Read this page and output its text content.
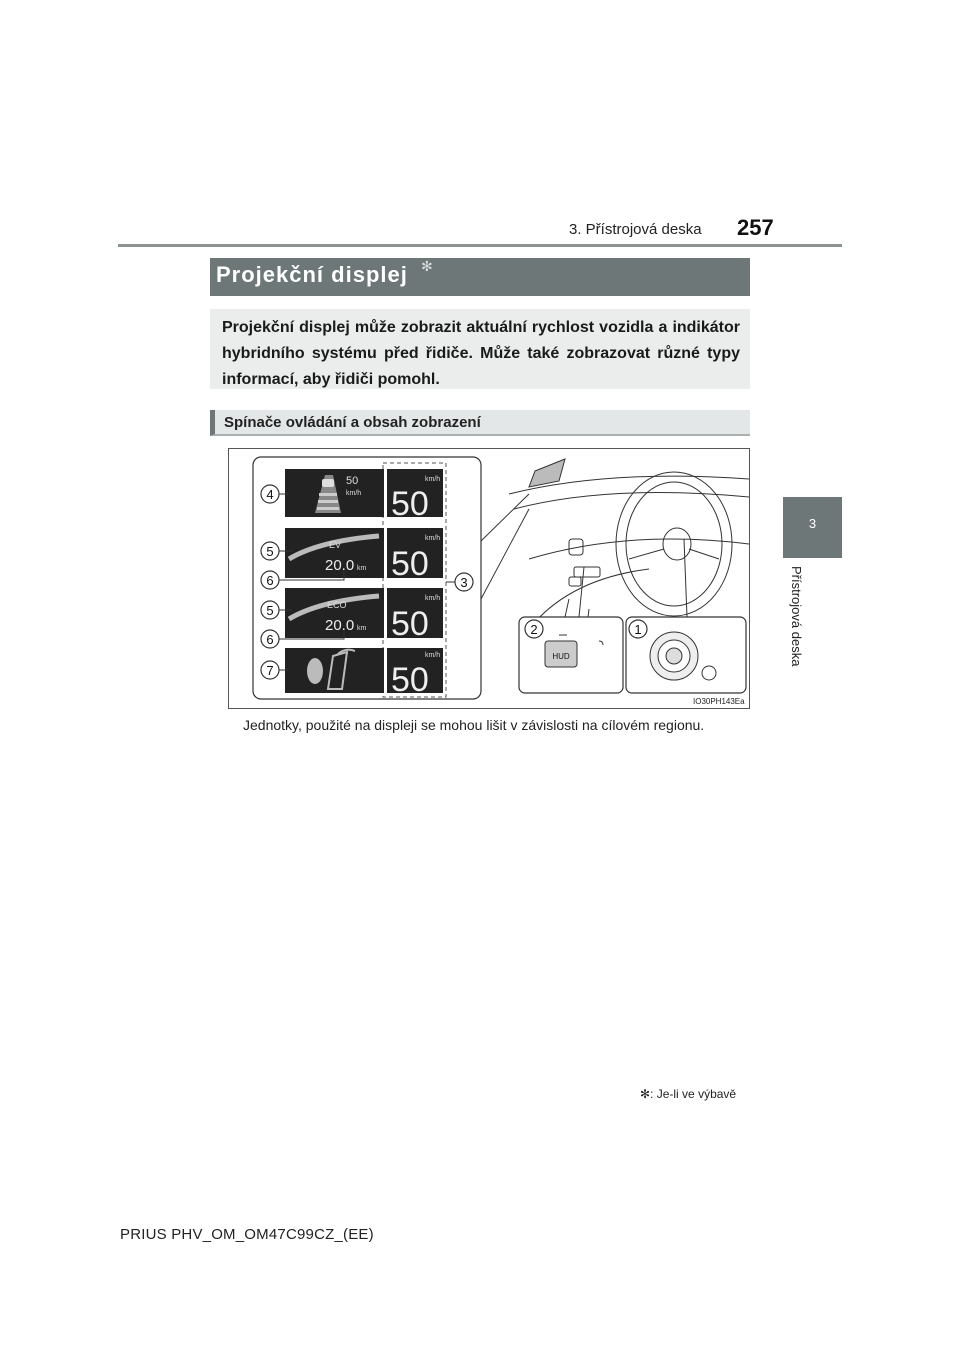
3. Přístrojová deska 257
3
Přístrojová deska
Projekční displej ✻
Projekční displej může zobrazit aktuální rychlost vozidla a indikátor hybridního systému před řidiče. Může také zobrazovat různé typy informací, aby řidiči pomohl.
Spínače ovládání a obsah zobrazení
50
km/h
km/h
50
km/h
50
km/h
50
km/h
50
EV
20.0 km
ECO
20.0 km
4
5
6
5
6
7
3
HUD
2	1
IO30PH143Ea
Jednotky, použité na displeji se mohou lišit v závislosti na cílovém regionu.
✻: Je-li ve výbavě
PRIUS PHV_OM_OM47C99CZ_(EE)
